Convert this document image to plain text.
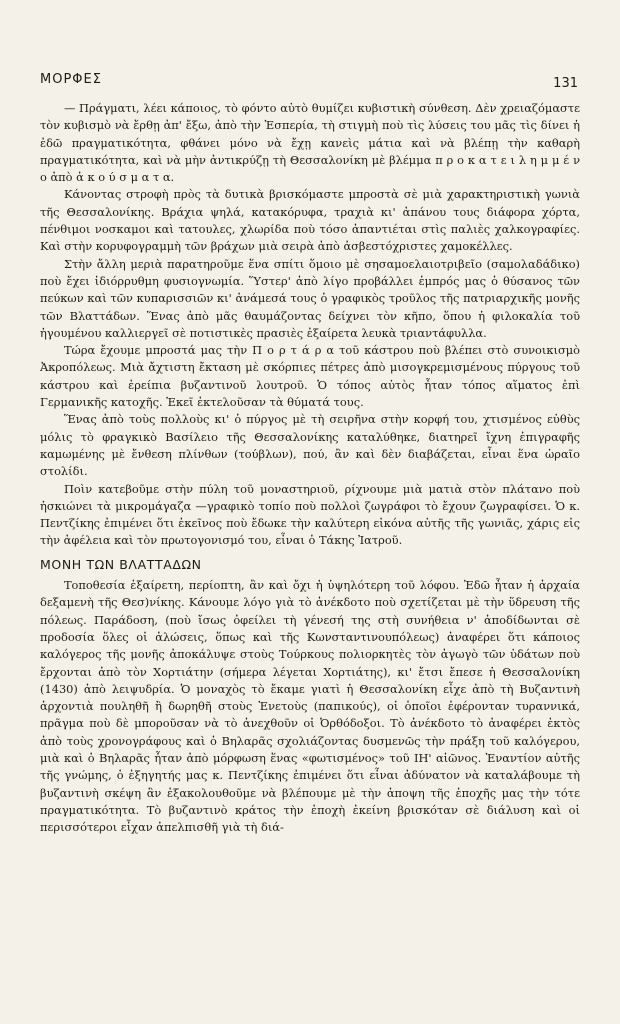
ΜΟΡΦΕΣ	131

— Πράγματι, λέει κάποιος, τὸ φόντο αὐτὸ θυμίζει κυβιστικὴ σύνθεση. Δὲν χρειαζόμαστε τὸν κυβισμὸ νὰ ἔρθῃ ἀπ' ἔξω, ἀπὸ τὴν Ἑσπερία, τὴ στιγμὴ ποὺ τὶς λύσεις του μᾶς τὶς δίνει ἡ ἐδῶ πραγματικότητα, φθάνει μόνο νὰ ἔχῃ κανεὶς μάτια καὶ νὰ βλέπῃ τὴν καθαρὴ πραγματικότητα, καὶ νὰ μὴν ἀντικρύζῃ τὴ Θεσσαλονίκη μὲ βλέμμα π ρ ο κ α τ ε ι λ η μ μ έ ν ο ἀπὸ ἀ κ ο ύ σ μ α τ α.

Κάνοντας στροφὴ πρὸς τὰ δυτικὰ βρισκόμαστε μπροστὰ σὲ μιὰ χαρακτηριστικὴ γωνιὰ τῆς Θεσσαλονίκης. Βράχια ψηλά, κατακόρυφα, τραχιὰ κι' ἀπάνου τους διάφορα χόρτα, πένθιμοι νοσκαμοι καὶ τατουλες, χλωρίδα ποὺ τόσο ἀπαντιέται στὶς παλιὲς χαλκογραφίες. Καὶ στὴν κορυφογραμμὴ τῶν βράχων μιὰ σειρὰ ἀπὸ ἀσβεστόχριστες χαμοκέλλες.

Στὴν ἄλλη μεριὰ παρατηροῦμε ἕνα σπίτι ὅμοιο μὲ σησαμοελαιοτριβεῖο (σαμολαδάδικο) ποὺ ἔχει ἰδιόρρυθμη φυσιογνωμία. Ὕστερ' ἀπὸ λίγο προβάλλει ἐμπρός μας ὁ θύσανος τῶν πεύκων καὶ τῶν κυπαρισσιῶν κι' ἀνάμεσά τους ὁ γραφικὸς τροῦλος τῆς πατριαρχικῆς μονῆς τῶν Βλαττάδων. Ἕνας ἀπὸ μᾶς θαυμάζοντας δείχνει τὸν κῆπο, ὅπου ἡ φιλοκαλία τοῦ ἡγουμένου καλλιεργεῖ σὲ ποτιστικὲς πρασιὲς ἐξαίρετα λευκὰ τριαντάφυλλα.

Τώρα ἔχουμε μπροστά μας τὴν Π ο ρ τ ά ρ α τοῦ κάστρου ποὺ βλέπει στὸ συνοικισμὸ Ἀκροπόλεως. Μιὰ ἄχτιστη ἔκταση μὲ σκόρπιες πέτρες ἀπὸ μισογκρεμισμένους πύργους τοῦ κάστρου καὶ ἐρείπια βυζαντινοῦ λουτροῦ. Ὁ τόπος αὐτὸς ἦταν τόπος αἵματος ἐπὶ Γερμανικῆς κατοχῆς. Ἐκεῖ ἐκτελοῦσαν τὰ θύματά τους.

Ἕνας ἀπὸ τοὺς πολλοὺς κι' ὁ πύργος μὲ τὴ σειρῆνα στὴν κορφή του, χτισμένος εὐθὺς μόλις τὸ φραγκικὸ Βασίλειο τῆς Θεσσαλονίκης καταλύθηκε, διατηρεῖ ἴχνη ἐπιγραφῆς καμωμένης μὲ ἔνθεση πλίνθων (τούβλων), πού, ἂν καὶ δὲν διαβάζεται, εἶναι ἕνα ὡραῖο στολίδι.

Ποὶν κατεβοῦμε στὴν πύλη τοῦ μοναστηριοῦ, ρίχνουμε μιὰ ματιὰ στὸν πλάτανο ποὺ ἠσκιώνει τὰ μικρομάγαζα —γραφικὸ τοπίο ποὺ πολλοὶ ζωγράφοι τὸ ἔχουν ζωγραφίσει. Ὁ κ. Πεντζίκης ἐπιμένει ὅτι ἐκεῖνος ποὺ ἔδωκε τὴν καλύτερη εἰκόνα αὐτῆς τῆς γωνιᾶς, χάρις εἰς τὴν ἀφέλεια καὶ τὸν πρωτογονισμό του, εἶναι ὁ Τάκης Ἰατροῦ.

ΜΟΝΗ ΤΩΝ ΒΛΑΤΤΑΔΩΝ

Τοποθεσία ἐξαίρετη, περίοπτη, ἂν καὶ ὄχι ἡ ὑψηλότερη τοῦ λόφου. Ἐδῶ ἦταν ἡ ἀρχαία δεξαμενὴ τῆς Θεσ)νίκης. Κάνουμε λόγο γιὰ τὸ ἀνέκδοτο ποὺ σχετίζεται μὲ τὴν ὕδρευση τῆς πόλεως. Παράδοση, (ποὺ ἴσως ὀφείλει τὴ γένεσή της στὴ συνήθεια ν' ἀποδίδωνται σὲ προδοσία ὅλες οἱ ἁλώσεις, ὅπως καὶ τῆς Κωνσταντινουπόλεως) ἀναφέρει ὅτι κάποιος καλόγερος τῆς μονῆς ἀποκάλυψε στοὺς Τούρκους πολιορκητὲς τὸν ἀγωγὸ τῶν ὑδάτων ποὺ ἔρχονται ἀπὸ τὸν Χορτιάτην (σήμερα λέγεται Χορτιάτης), κι' ἔτσι ἔπεσε ἡ Θεσσαλονίκη (1430) ἀπὸ λειψυδρία. Ὁ μοναχὸς τὸ ἔκαμε γιατὶ ἡ Θεσσαλονίκη εἶχε ἀπὸ τὴ Βυζαντινὴ ἀρχοντιὰ πουληθῆ ἢ δωρηθῆ στοὺς Ἑνετοὺς (παπικούς), οἱ ὁποῖοι ἐφέρονταν τυραννικά, πρᾶγμα ποὺ δὲ μποροῦσαν νὰ τὸ ἀνεχθοῦν οἱ Ὀρθόδοξοι. Τὸ ἀνέκδοτο τὸ ἀναφέρει ἐκτὸς ἀπὸ τοὺς χρονογράφους καὶ ὁ Βηλαρᾶς σχολιάζοντας δυσμενῶς τὴν πράξη τοῦ καλόγερου, μιὰ καὶ ὁ Βηλαρᾶς ἦταν ἀπὸ μόρφωση ἕνας «φωτισμένος» τοῦ ΙΗ' αἰῶνος. Ἐναντίον αὐτῆς τῆς γνώμης, ὁ ἐξηγητής μας κ. Πεντζίκης ἐπιμένει ὅτι εἶναι ἀδύνατον νὰ καταλάβουμε τὴ βυζαντινὴ σκέψη ἂν ἐξακολουθοῦμε νὰ βλέπουμε μὲ τὴν ἀποψη τῆς ἐποχῆς μας τὴν τότε πραγματικότητα. Τὸ βυζαντινὸ κράτος τὴν ἐποχὴ ἐκείνη βρισκόταν σὲ διάλυση καὶ οἱ περισσότεροι εἶχαν ἀπελπισθῆ γιὰ τὴ διά-
